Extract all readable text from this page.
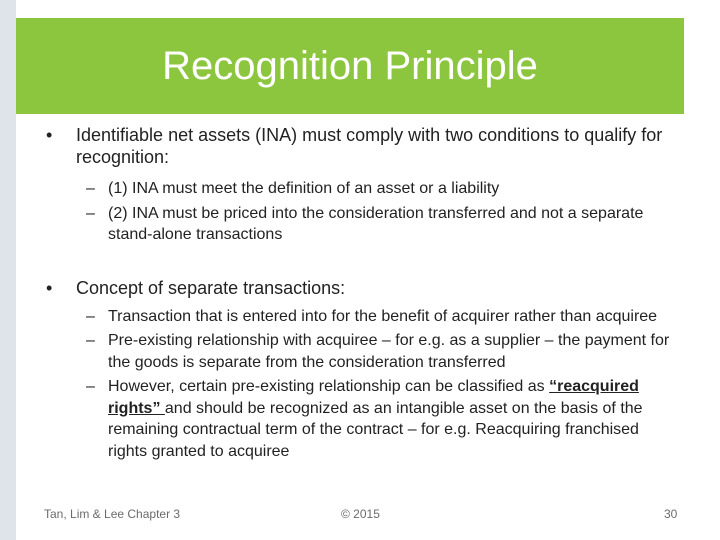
Recognition Principle
• Identifiable net assets (INA) must comply with two conditions to qualify for recognition:
– (1) INA must meet the definition of an asset or a liability
– (2) INA must be priced into the consideration transferred and not a separate stand-alone transactions
• Concept of separate transactions:
– Transaction that is entered into for the benefit of acquirer rather than acquiree
– Pre-existing relationship with acquiree – for e.g. as a supplier – the payment for the goods is separate from the consideration transferred
– However, certain pre-existing relationship can be classified as “reacquired rights” and should be recognized as an intangible asset on the basis of the remaining contractual term of the contract – for e.g. Reacquiring franchised rights granted to acquiree
Tan, Lim & Lee Chapter 3	© 2015	30
